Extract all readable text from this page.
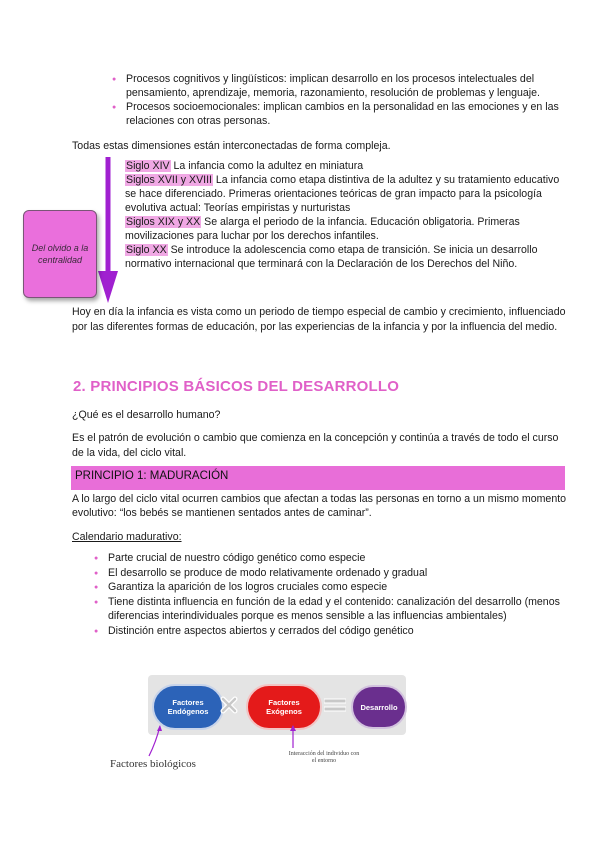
● Procesos cognitivos y lingüísticos: implican desarrollo en los procesos intelectuales del pensamiento, aprendizaje, memoria, razonamiento, resolución de problemas y lenguaje.
● Procesos socioemocionales: implican cambios en la personalidad en las emociones y en las relaciones con otras personas.
Todas estas dimensiones están interconectadas de forma compleja.
Del olvido a la centralidad
Siglo XIV La infancia como la adultez en miniatura
Siglos XVII y XVIII La infancia como etapa distintiva de la adultez y su tratamiento educativo se hace diferenciado. Primeras orientaciones teóricas de gran impacto para la psicología evolutiva actual: Teorías empiristas y nurturistas
Siglos XIX y XX Se alarga el periodo de la infancia. Educación obligatoria. Primeras movilizaciones para luchar por los derechos infantiles.
Siglo XX Se introduce la adolescencia como etapa de transición. Se inicia un desarrollo normativo internacional que terminará con la Declaración de los Derechos del Niño.
Hoy en día la infancia es vista como un periodo de tiempo especial de cambio y crecimiento, influenciado por las diferentes formas de educación, por las experiencias de la infancia y por la influencia del medio.
2. PRINCIPIOS BÁSICOS DEL DESARROLLO
¿Qué es el desarrollo humano?
Es el patrón de evolución o cambio que comienza en la concepción y continúa a través de todo el curso de la vida, del ciclo vital.
PRINCIPIO 1: MADURACIÓN
A lo largo del ciclo vital ocurren cambios que afectan a todas las personas en torno a un mismo momento evolutivo: “los bebés se mantienen sentados antes de caminar”.
Calendario madurativo:
● Parte crucial de nuestro código genético como especie
● El desarrollo se produce de modo relativamente ordenado y gradual
● Garantiza la aparición de los logros cruciales como especie
● Tiene distinta influencia en función de la edad y el contenido: canalización del desarrollo (menos diferencias interindividuales porque es menos sensible a las influencias ambientales)
● Distinción entre aspectos abiertos y cerrados del código genético
Factores Endógenos
Factores Exógenos	Desarrollo
Factores biológicos
Interacción del individuo con el entorno
